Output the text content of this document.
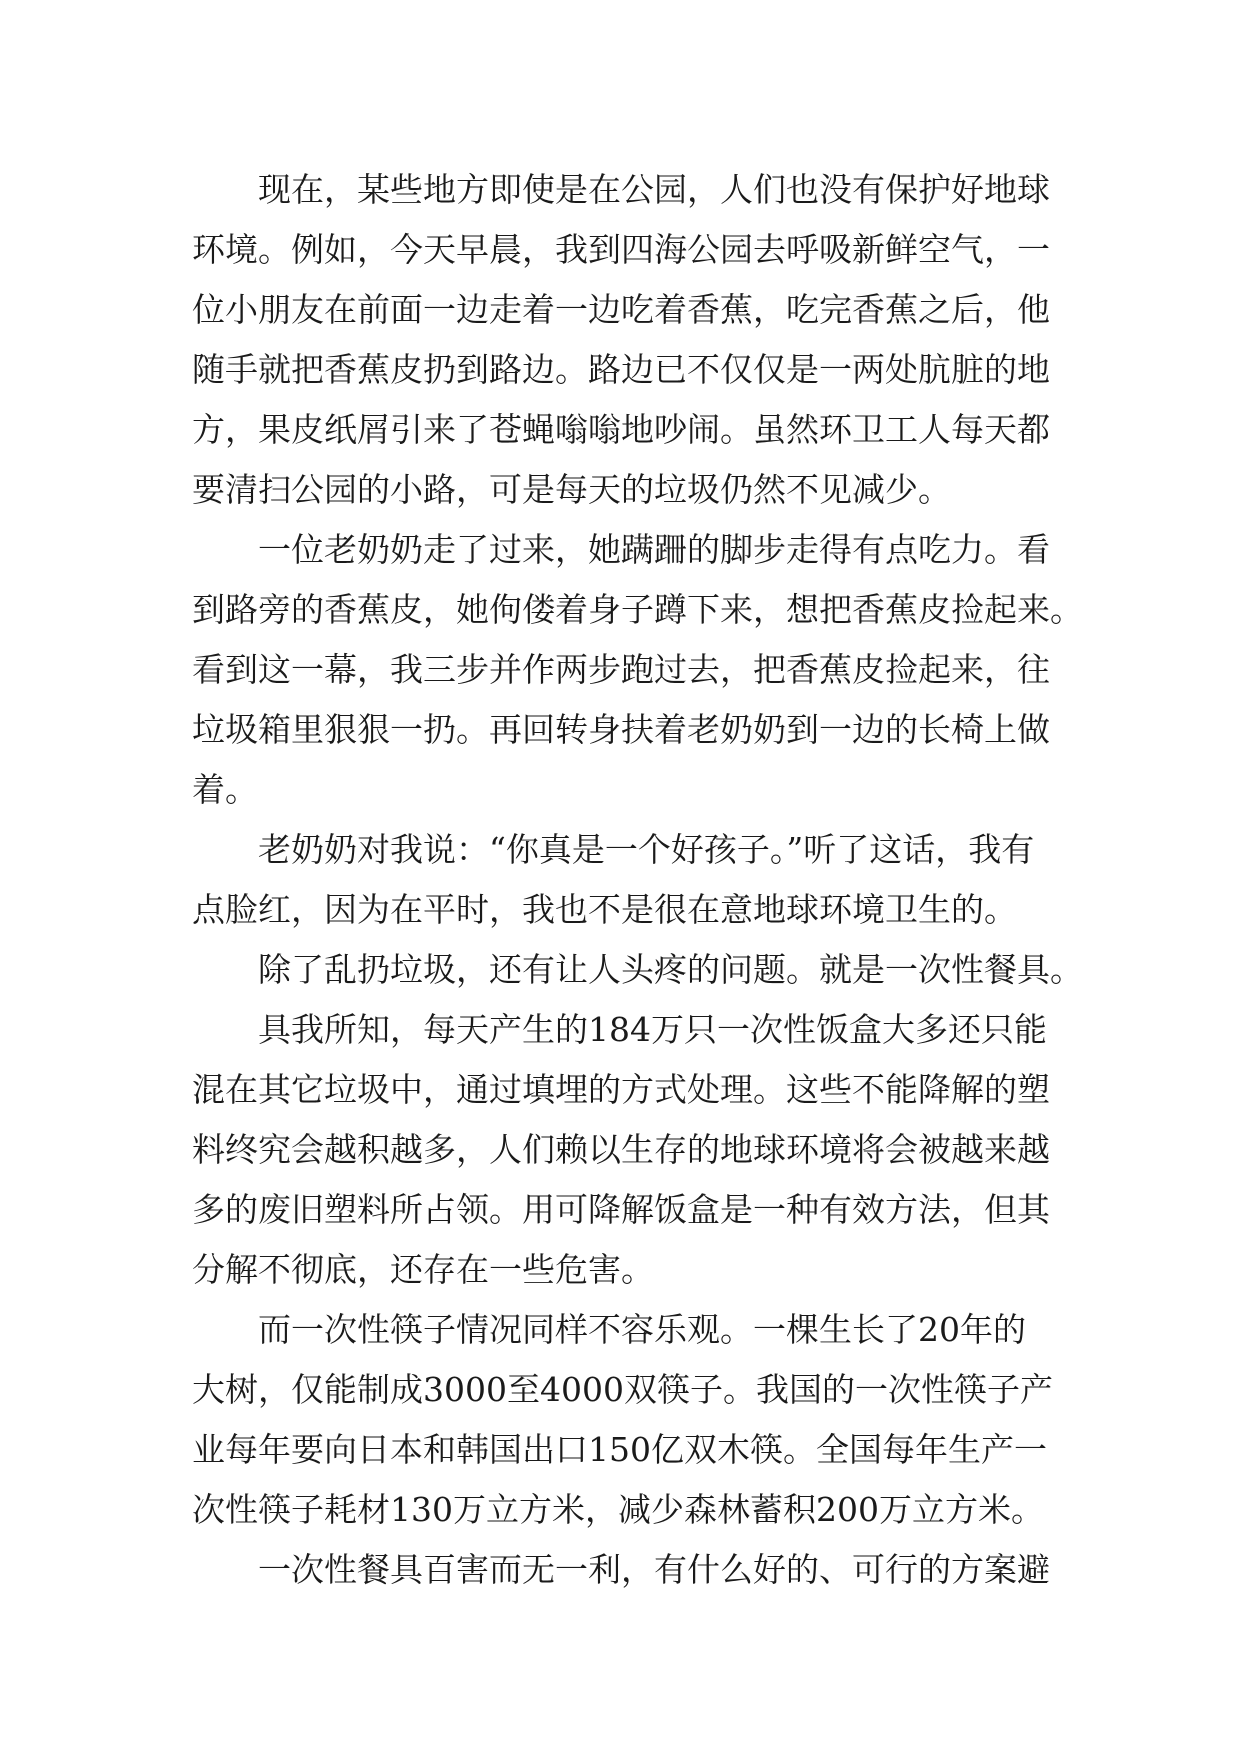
现在，某些地方即使是在公园，人们也没有保护好地球
环境。例如，今天早晨，我到四海公园去呼吸新鲜空气，一
位小朋友在前面一边走着一边吃着香蕉，吃完香蕉之后，他
随手就把香蕉皮扔到路边。路边已不仅仅是一两处肮脏的地
方，果皮纸屑引来了苍蝇嗡嗡地吵闹。虽然环卫工人每天都
要清扫公园的小路，可是每天的垃圾仍然不见减少。
一位老奶奶走了过来，她蹒跚的脚步走得有点吃力。看
到路旁的香蕉皮，她佝偻着身子蹲下来，想把香蕉皮捡起来。
看到这一幕，我三步并作两步跑过去，把香蕉皮捡起来，往
垃圾箱里狠狠一扔。再回转身扶着老奶奶到一边的长椅上做
着。
老奶奶对我说：“你真是一个好孩子。”听了这话，我有
点脸红，因为在平时，我也不是很在意地球环境卫生的。
除了乱扔垃圾，还有让人头疼的问题。就是一次性餐具。
具我所知，每天产生的184万只一次性饭盒大多还只能
混在其它垃圾中，通过填埋的方式处理。这些不能降解的塑
料终究会越积越多，人们赖以生存的地球环境将会被越来越
多的废旧塑料所占领。用可降解饭盒是一种有效方法，但其
分解不彻底，还存在一些危害。
而一次性筷子情况同样不容乐观。一棵生长了20年的
大树，仅能制成3000至4000双筷子。我国的一次性筷子产
业每年要向日本和韩国出口150亿双木筷。全国每年生产一
次性筷子耗材130万立方米，减少森林蓄积200万立方米。
一次性餐具百害而无一利，有什么好的、可行的方案避
